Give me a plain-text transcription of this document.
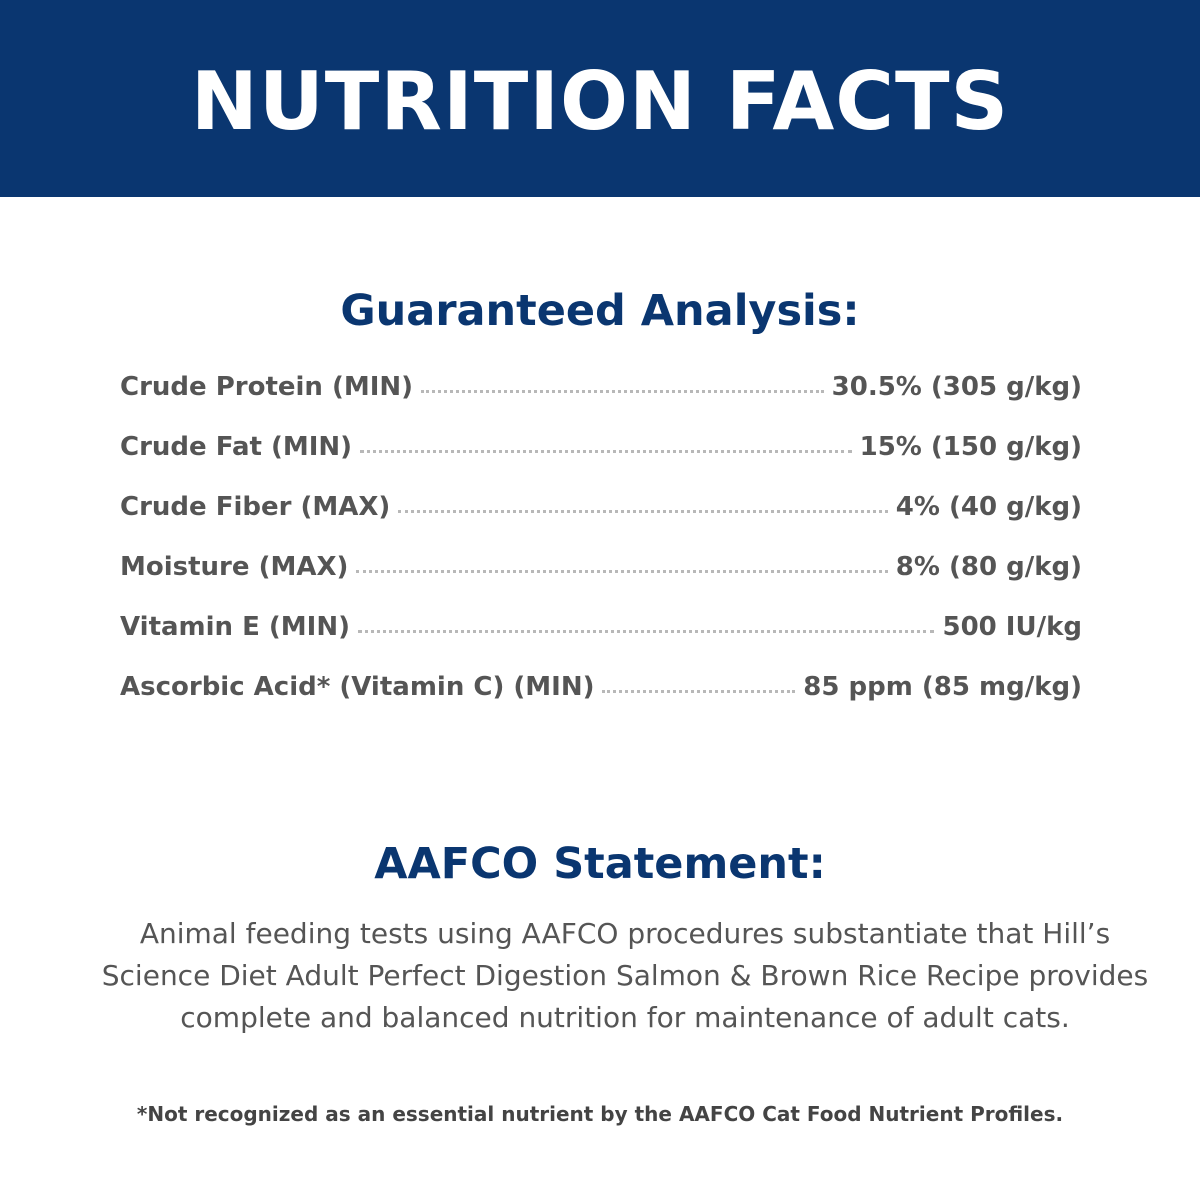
NUTRITION FACTS
Guaranteed Analysis:
Crude Protein (MIN)	30.5% (305 g/kg)
Crude Fat (MIN)	15% (150 g/kg)
Crude Fiber (MAX)	4% (40 g/kg)
Moisture (MAX)	8% (80 g/kg)
Vitamin E (MIN)	500 IU/kg
Ascorbic Acid* (Vitamin C) (MIN)	85 ppm (85 mg/kg)
AAFCO Statement:
Animal feeding tests using AAFCO procedures substantiate that Hill’s Science Diet Adult Perfect Digestion Salmon & Brown Rice Recipe provides complete and balanced nutrition for maintenance of adult cats.
*Not recognized as an essential nutrient by the AAFCO Cat Food Nutrient Profiles.
